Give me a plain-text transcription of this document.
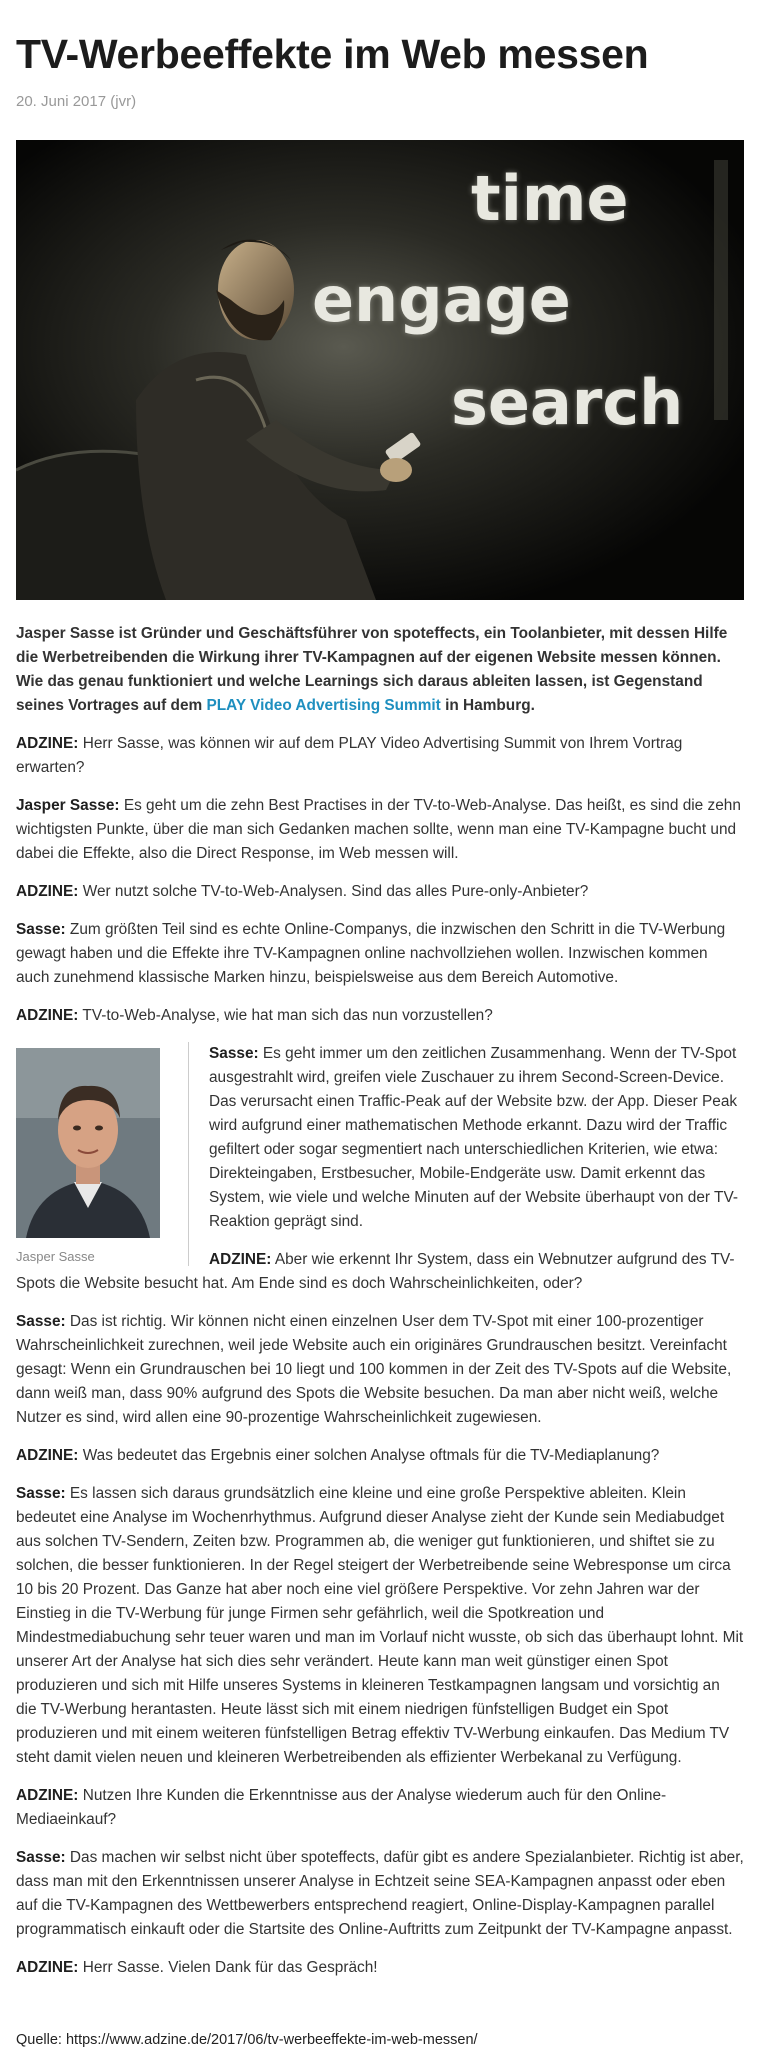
TV-Werbeeffekte im Web messen
20. Juni 2017 (jvr)
time
engage
search

Jasper Sasse ist Gründer und Geschäftsführer von spoteffects, ein Toolanbieter, mit dessen Hilfe die Werbetreibenden die Wirkung ihrer TV-Kampagnen auf der eigenen Website messen können. Wie das genau funktioniert und welche Learnings sich daraus ableiten lassen, ist Gegenstand seines Vortrages auf dem PLAY Video Advertising Summit in Hamburg.

ADZINE: Herr Sasse, was können wir auf dem PLAY Video Advertising Summit von Ihrem Vortrag erwarten?

Jasper Sasse: Es geht um die zehn Best Practises in der TV-to-Web-Analyse. Das heißt, es sind die zehn wichtigsten Punkte, über die man sich Gedanken machen sollte, wenn man eine TV-Kampagne bucht und dabei die Effekte, also die Direct Response, im Web messen will.

ADZINE: Wer nutzt solche TV-to-Web-Analysen. Sind das alles Pure-only-Anbieter?

Sasse: Zum größten Teil sind es echte Online-Companys, die inzwischen den Schritt in die TV-Werbung gewagt haben und die Effekte ihre TV-Kampagnen online nachvollziehen wollen. Inzwischen kommen auch zunehmend klassische Marken hinzu, beispielsweise aus dem Bereich Automotive.

ADZINE: TV-to-Web-Analyse, wie hat man sich das nun vorzustellen?

Jasper Sasse

Sasse: Es geht immer um den zeitlichen Zusammenhang. Wenn der TV-Spot ausgestrahlt wird, greifen viele Zuschauer zu ihrem Second-Screen-Device. Das verursacht einen Traffic-Peak auf der Website bzw. der App. Dieser Peak wird aufgrund einer mathematischen Methode erkannt. Dazu wird der Traffic gefiltert oder sogar segmentiert nach unterschiedlichen Kriterien, wie etwa: Direkteingaben, Erstbesucher, Mobile-Endgeräte usw. Damit erkennt das System, wie viele und welche Minuten auf der Website überhaupt von der TV-Reaktion geprägt sind.

ADZINE: Aber wie erkennt Ihr System, dass ein Webnutzer aufgrund des TV-Spots die Website besucht hat. Am Ende sind es doch Wahrscheinlichkeiten, oder?

Sasse: Das ist richtig. Wir können nicht einen einzelnen User dem TV-Spot mit einer 100-prozentiger Wahrscheinlichkeit zurechnen, weil jede Website auch ein originäres Grundrauschen besitzt. Vereinfacht gesagt: Wenn ein Grundrauschen bei 10 liegt und 100 kommen in der Zeit des TV-Spots auf die Website, dann weiß man, dass 90% aufgrund des Spots die Website besuchen. Da man aber nicht weiß, welche Nutzer es sind, wird allen eine 90-prozentige Wahrscheinlichkeit zugewiesen.

ADZINE: Was bedeutet das Ergebnis einer solchen Analyse oftmals für die TV-Mediaplanung?

Sasse: Es lassen sich daraus grundsätzlich eine kleine und eine große Perspektive ableiten. Klein bedeutet eine Analyse im Wochenrhythmus. Aufgrund dieser Analyse zieht der Kunde sein Mediabudget aus solchen TV-Sendern, Zeiten bzw. Programmen ab, die weniger gut funktionieren, und shiftet sie zu solchen, die besser funktionieren. In der Regel steigert der Werbetreibende seine Webresponse um circa 10 bis 20 Prozent. Das Ganze hat aber noch eine viel größere Perspektive. Vor zehn Jahren war der Einstieg in die TV-Werbung für junge Firmen sehr gefährlich, weil die Spotkreation und Mindestmediabuchung sehr teuer waren und man im Vorlauf nicht wusste, ob sich das überhaupt lohnt. Mit unserer Art der Analyse hat sich dies sehr verändert. Heute kann man weit günstiger einen Spot produzieren und sich mit Hilfe unseres Systems in kleineren Testkampagnen langsam und vorsichtig an die TV-Werbung herantasten. Heute lässt sich mit einem niedrigen fünfstelligen Budget ein Spot produzieren und mit einem weiteren fünfstelligen Betrag effektiv TV-Werbung einkaufen. Das Medium TV steht damit vielen neuen und kleineren Werbetreibenden als effizienter Werbekanal zu Verfügung.

ADZINE: Nutzen Ihre Kunden die Erkenntnisse aus der Analyse wiederum auch für den Online-Mediaeinkauf?

Sasse: Das machen wir selbst nicht über spoteffects, dafür gibt es andere Spezialanbieter. Richtig ist aber, dass man mit den Erkenntnissen unserer Analyse in Echtzeit seine SEA-Kampagnen anpasst oder eben auf die TV-Kampagnen des Wettbewerbers entsprechend reagiert, Online-Display-Kampagnen parallel programmatisch einkauft oder die Startsite des Online-Auftritts zum Zeitpunkt der TV-Kampagne anpasst.

ADZINE: Herr Sasse. Vielen Dank für das Gespräch!

Quelle: https://www.adzine.de/2017/06/tv-werbeeffekte-im-web-messen/
